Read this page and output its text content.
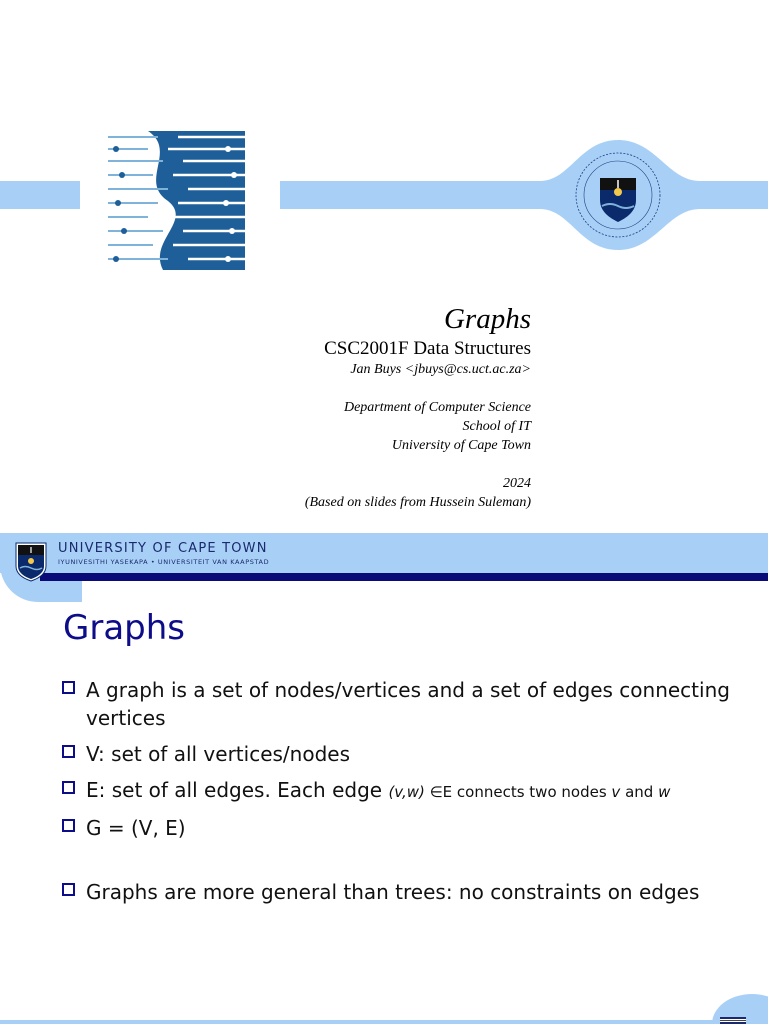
Graphs
CSC2001F Data Structures
Jan Buys <jbuys@cs.uct.ac.za>
Department of Computer Science
School of IT
University of Cape Town
2024
(Based on slides from Hussein Suleman)
UNIVERSITY OF CAPE TOWN
IYUNIVESITHI YASEKAPA • UNIVERSITEIT VAN KAAPSTAD
Graphs
A graph is a set of nodes/vertices and a set of edges connecting vertices
V: set of all vertices/nodes
E: set of all edges. Each edge (v,w) ∈E connects two nodes v and w
G = (V, E)
Graphs are more general than trees: no constraints on edges
